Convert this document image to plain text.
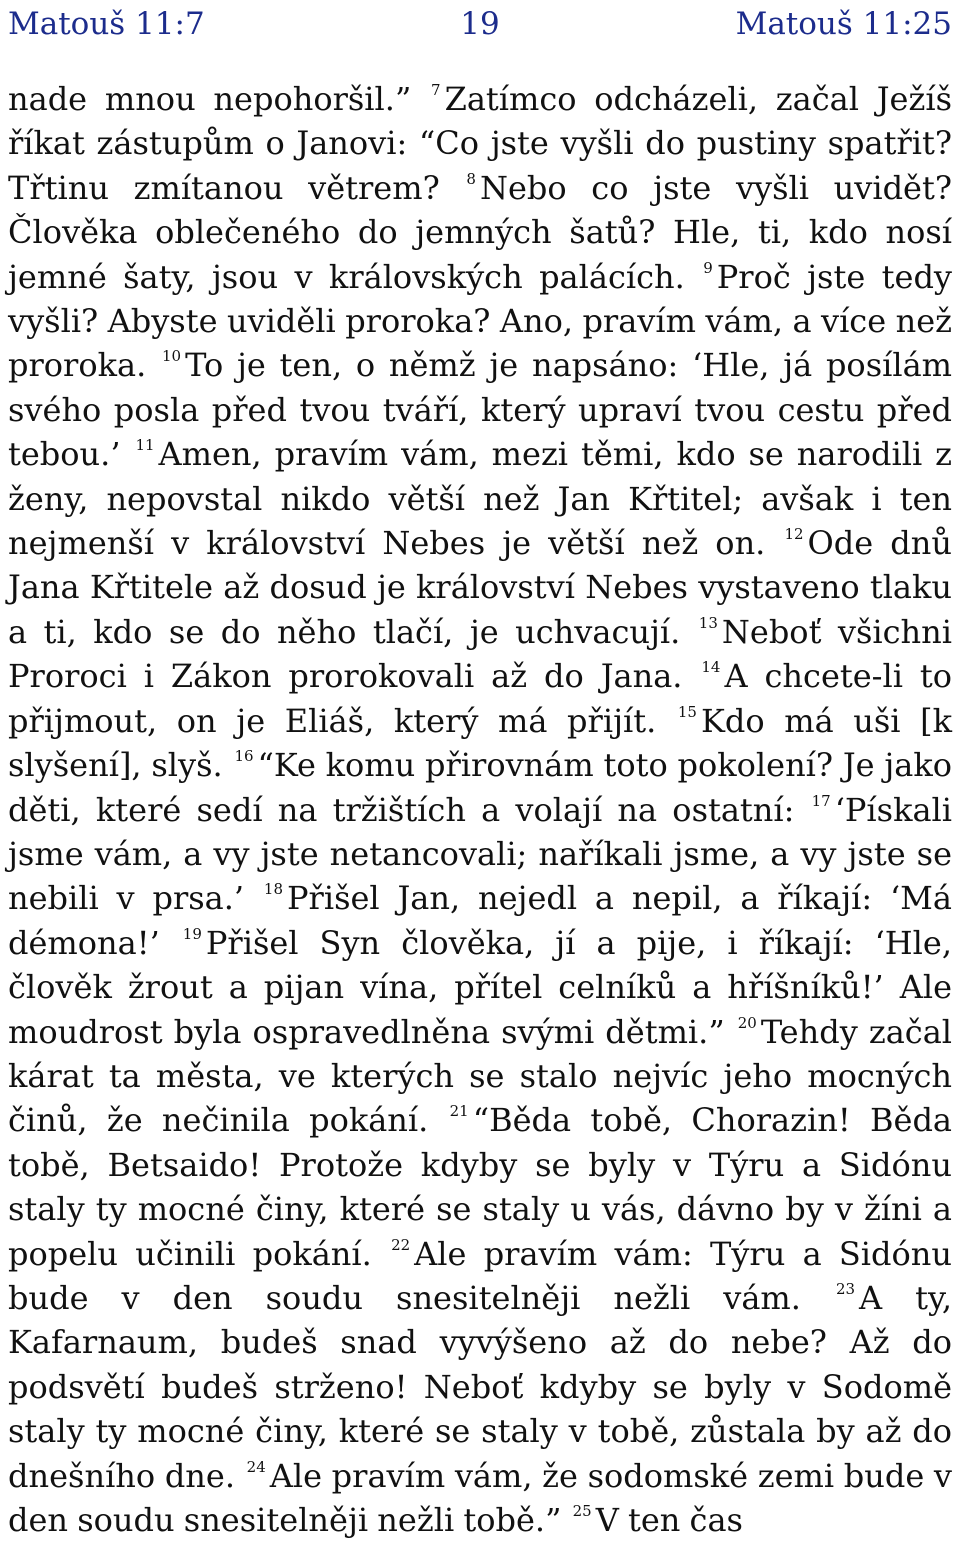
Matouš 11:7	19	Matouš 11:25
nade mnou nepohoršil.” $^7$ Zatímco odcházeli, začal Ježíš říkat zástupům o Janovi: “Co jste vyšli do pustiny spatřit? Třtinu zmítanou větrem? $^8$ Nebo co jste vyšli uvidět? Člověka oblečeného do jemných šatů? Hle, ti, kdo nosí jemné šaty, jsou v královských palácích. $^9$ Proč jste tedy vyšli? Abyste uviděli proroka? Ano, pravím vám, a více než proroka. $^{10}$ To je ten, o němž je napsáno: ‘Hle, já posílám svého posla před tvou tváří, který upraví tvou cestu před tebou.’ $^{11}$ Amen, pravím vám, mezi těmi, kdo se narodili z ženy, nepovstal nikdo větší než Jan Křtitel; avšak i ten nejmenší v království Nebes je větší než on. $^{12}$ Ode dnů Jana Křtitele až dosud je království Nebes vystaveno tlaku a ti, kdo se do něho tlačí, je uchvacují. $^{13}$ Neboť všichni Proroci i Zákon prorokovali až do Jana. $^{14}$ A chcete-li to přijmout, on je Eliáš, který má přijít. $^{15}$ Kdo má uši [k slyšení], slyš. $^{16}$ “Ke komu přirovnám toto pokolení? Je jako děti, které sedí na tržištích a volají na ostatní: $^{17}$ ‘Pískali jsme vám, a vy jste netancovali; naříkali jsme, a vy jste se nebili v prsa.’ $^{18}$ Přišel Jan, nejedl a nepil, a říkají: ‘Má démona!’ $^{19}$ Přišel Syn člověka, jí a pije, i říkají: ‘Hle, člověk žrout a pijan vína, přítel celníků a hříšníků!’ Ale moudrost byla ospravedlněna svými dětmi.” $^{20}$ Tehdy začal kárat ta města, ve kterých se stalo nejvíc jeho mocných činů, že nečinila pokání. $^{21}$ “Běda tobě, Chorazin! Běda tobě, Betsaido! Protože kdyby se byly v Týru a Sidónu staly ty mocné činy, které se staly u vás, dávno by v žíni a popelu učinili pokání. $^{22}$ Ale pravím vám: Týru a Sidónu bude v den soudu snesitelněji nežli vám. $^{23}$ A ty, Kafarnaum, budeš snad vyvýšeno až do nebe? Až do podsvětí budeš strženo! Neboť kdyby se byly v Sodomě staly ty mocné činy, které se staly v tobě, zůstala by až do dnešního dne. $^{24}$ Ale pravím vám, že sodomské zemi bude v den soudu snesitelněji nežli tobě.” $^{25}$ V ten čas
